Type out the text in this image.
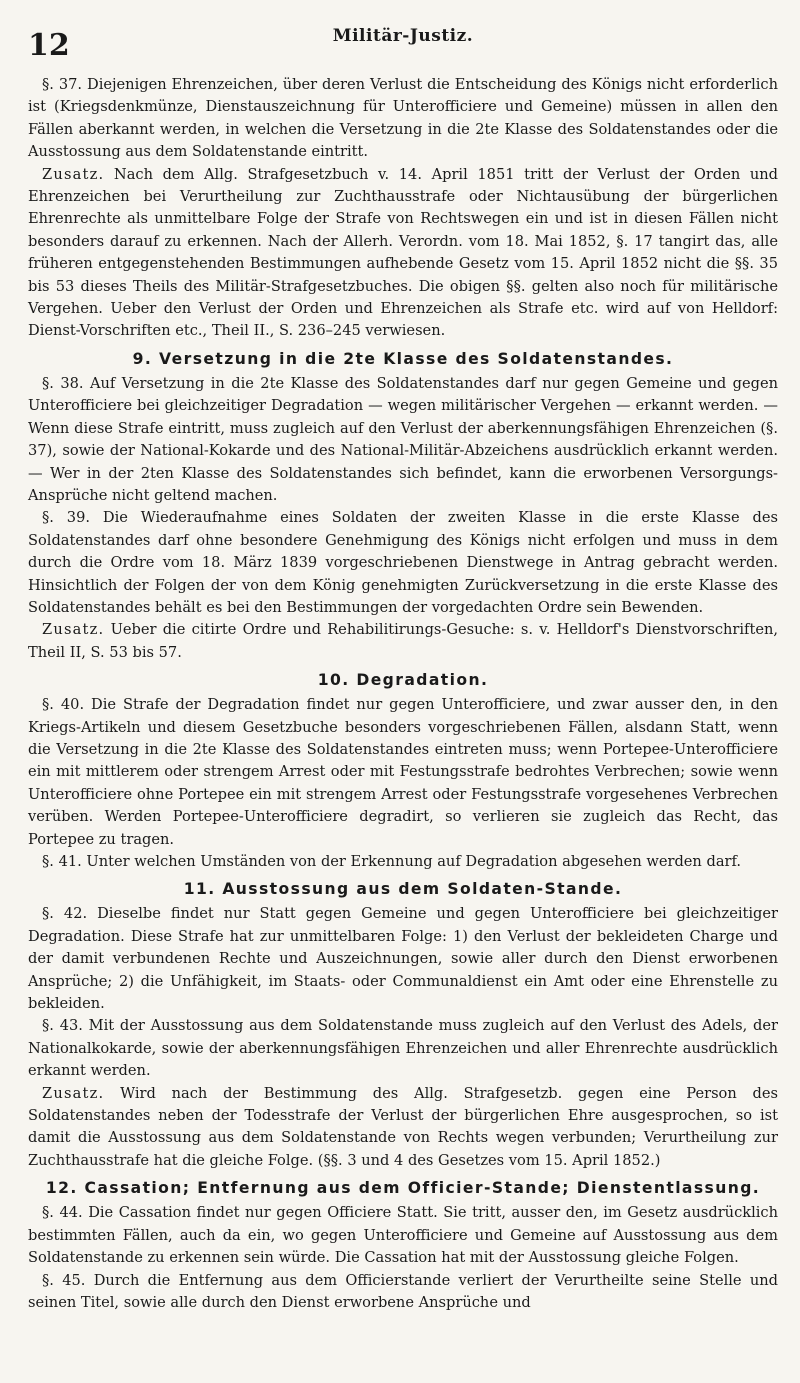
12	Militär-Justiz.

§. 37. Diejenigen Ehrenzeichen, über deren Verlust die Entscheidung des Königs nicht erforderlich ist (Kriegsdenkmünze, Dienstauszeichnung für Unterofficiere und Gemeine) müssen in allen den Fällen aberkannt werden, in welchen die Versetzung in die 2te Klasse des Soldatenstandes oder die Ausstossung aus dem Soldatenstande eintritt.

Zusatz. Nach dem Allg. Strafgesetzbuch v. 14. April 1851 tritt der Verlust der Orden und Ehrenzeichen bei Verurtheilung zur Zuchthausstrafe oder Nichtausübung der bürgerlichen Ehrenrechte als unmittelbare Folge der Strafe von Rechtswegen ein und ist in diesen Fällen nicht besonders darauf zu erkennen. Nach der Allerh. Verordn. vom 18. Mai 1852, §. 17 tangirt das, alle früheren entgegenstehenden Bestimmungen aufhebende Gesetz vom 15. April 1852 nicht die §§. 35 bis 53 dieses Theils des Militär-Strafgesetzbuches. Die obigen §§. gelten also noch für militärische Vergehen. Ueber den Verlust der Orden und Ehrenzeichen als Strafe etc. wird auf von Helldorf: Dienst-Vorschriften etc., Theil II., S. 236–245 verwiesen.

9. Versetzung in die 2te Klasse des Soldatenstandes.

§. 38. Auf Versetzung in die 2te Klasse des Soldatenstandes darf nur gegen Gemeine und gegen Unterofficiere bei gleichzeitiger Degradation — wegen militärischer Vergehen — erkannt werden. — Wenn diese Strafe eintritt, muss zugleich auf den Verlust der aberkennungsfähigen Ehrenzeichen (§. 37), sowie der National-Kokarde und des National-Militär-Abzeichens ausdrücklich erkannt werden. — Wer in der 2ten Klasse des Soldatenstandes sich befindet, kann die erworbenen Versorgungs-Ansprüche nicht geltend machen.

§. 39. Die Wiederaufnahme eines Soldaten der zweiten Klasse in die erste Klasse des Soldatenstandes darf ohne besondere Genehmigung des Königs nicht erfolgen und muss in dem durch die Ordre vom 18. März 1839 vorgeschriebenen Dienstwege in Antrag gebracht werden. Hinsichtlich der Folgen der von dem König genehmigten Zurückversetzung in die erste Klasse des Soldatenstandes behält es bei den Bestimmungen der vorgedachten Ordre sein Bewenden.

Zusatz. Ueber die citirte Ordre und Rehabilitirungs-Gesuche: s. v. Helldorf's Dienstvorschriften, Theil II, S. 53 bis 57.

10. Degradation.

§. 40. Die Strafe der Degradation findet nur gegen Unterofficiere, und zwar ausser den, in den Kriegs-Artikeln und diesem Gesetzbuche besonders vorgeschriebenen Fällen, alsdann Statt, wenn die Versetzung in die 2te Klasse des Soldatenstandes eintreten muss; wenn Portepee-Unterofficiere ein mit mittlerem oder strengem Arrest oder mit Festungsstrafe bedrohtes Verbrechen; sowie wenn Unterofficiere ohne Portepee ein mit strengem Arrest oder Festungsstrafe vorgesehenes Verbrechen verüben. Werden Portepee-Unterofficiere degradirt, so verlieren sie zugleich das Recht, das Portepee zu tragen.

§. 41. Unter welchen Umständen von der Erkennung auf Degradation abgesehen werden darf.

11. Ausstossung aus dem Soldaten-Stande.

§. 42. Dieselbe findet nur Statt gegen Gemeine und gegen Unterofficiere bei gleichzeitiger Degradation. Diese Strafe hat zur unmittelbaren Folge: 1) den Verlust der bekleideten Charge und der damit verbundenen Rechte und Auszeichnungen, sowie aller durch den Dienst erworbenen Ansprüche; 2) die Unfähigkeit, im Staats- oder Communaldienst ein Amt oder eine Ehrenstelle zu bekleiden.

§. 43. Mit der Ausstossung aus dem Soldatenstande muss zugleich auf den Verlust des Adels, der Nationalkokarde, sowie der aberkennungsfähigen Ehrenzeichen und aller Ehrenrechte ausdrücklich erkannt werden.

Zusatz. Wird nach der Bestimmung des Allg. Strafgesetzb. gegen eine Person des Soldatenstandes neben der Todesstrafe der Verlust der bürgerlichen Ehre ausgesprochen, so ist damit die Ausstossung aus dem Soldatenstande von Rechts wegen verbunden; Verurtheilung zur Zuchthausstrafe hat die gleiche Folge. (§§. 3 und 4 des Gesetzes vom 15. April 1852.)

12. Cassation; Entfernung aus dem Officier-Stande; Dienstentlassung.

§. 44. Die Cassation findet nur gegen Officiere Statt. Sie tritt, ausser den, im Gesetz ausdrücklich bestimmten Fällen, auch da ein, wo gegen Unterofficiere und Gemeine auf Ausstossung aus dem Soldatenstande zu erkennen sein würde. Die Cassation hat mit der Ausstossung gleiche Folgen.

§. 45. Durch die Entfernung aus dem Officierstande verliert der Verurtheilte seine Stelle und seinen Titel, sowie alle durch den Dienst erworbene Ansprüche und
